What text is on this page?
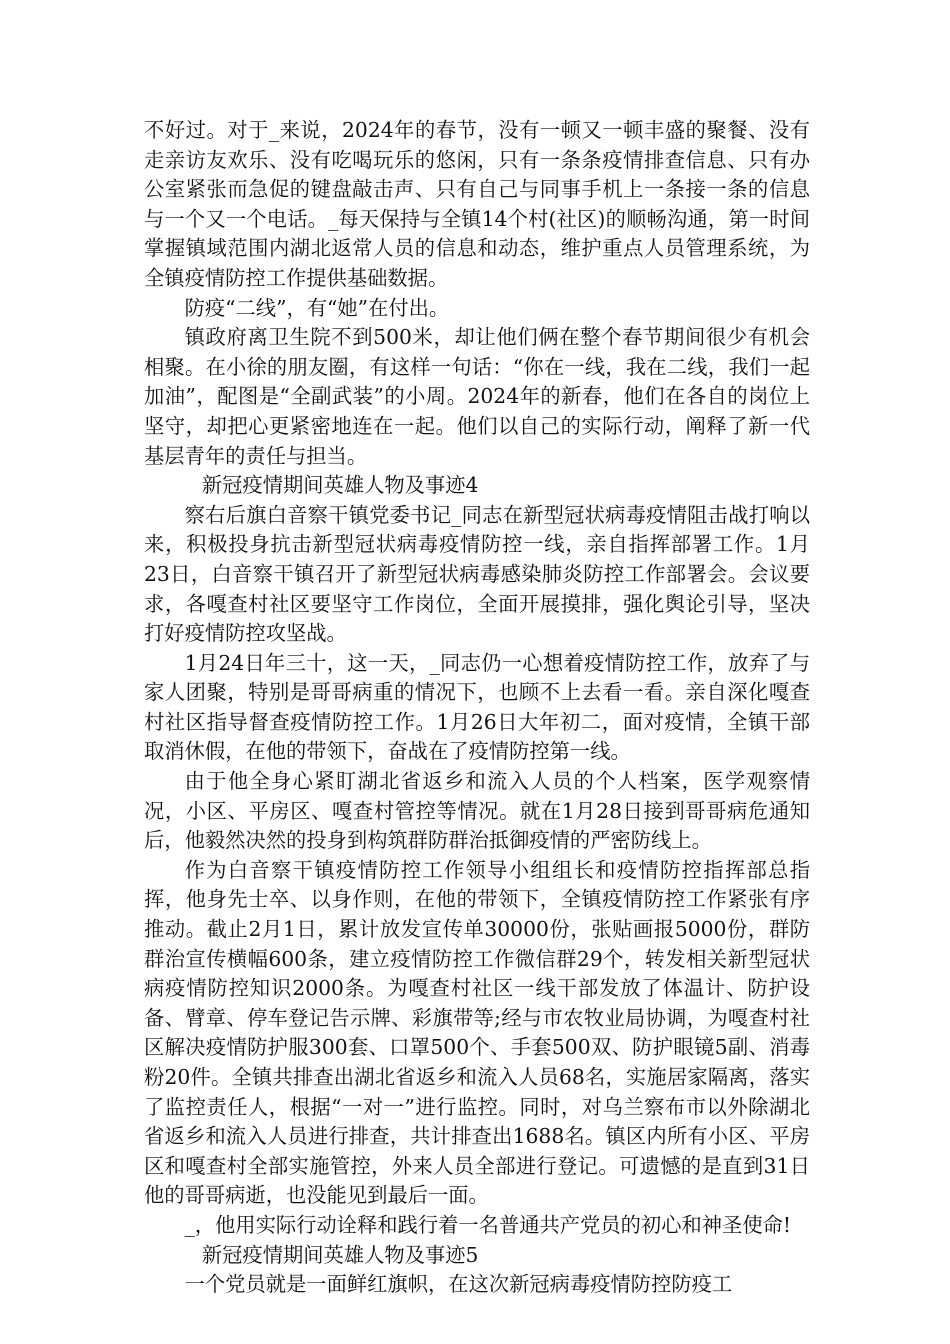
不好过。对于_来说，2024年的春节，没有一顿又一顿丰盛的聚餐、没有走亲访友欢乐、没有吃喝玩乐的悠闲，只有一条条疫情排查信息、只有办公室紧张而急促的键盘敲击声、只有自己与同事手机上一条接一条的信息与一个又一个电话。_每天保持与全镇14个村(社区)的顺畅沟通，第一时间掌握镇域范围内湖北返常人员的信息和动态，维护重点人员管理系统，为全镇疫情防控工作提供基础数据。

防疫“二线”，有“她”在付出。

镇政府离卫生院不到500米，却让他们俩在整个春节期间很少有机会相聚。在小徐的朋友圈，有这样一句话：“你在一线，我在二线，我们一起加油”，配图是“全副武装”的小周。2024年的新春，他们在各自的岗位上坚守，却把心更紧密地连在一起。他们以自己的实际行动，阐释了新一代基层青年的责任与担当。

新冠疫情期间英雄人物及事迹4

察右后旗白音察干镇党委书记_同志在新型冠状病毒疫情阻击战打响以来，积极投身抗击新型冠状病毒疫情防控一线，亲自指挥部署工作。1月23日，白音察干镇召开了新型冠状病毒感染肺炎防控工作部署会。会议要求，各嘎查村社区要坚守工作岗位，全面开展摸排，强化舆论引导，坚决打好疫情防控攻坚战。

1月24日年三十，这一天，_同志仍一心想着疫情防控工作，放弃了与家人团聚，特别是哥哥病重的情况下，也顾不上去看一看。亲自深化嘎查村社区指导督查疫情防控工作。1月26日大年初二，面对疫情，全镇干部取消休假，在他的带领下，奋战在了疫情防控第一线。

由于他全身心紧盯湖北省返乡和流入人员的个人档案，医学观察情况，小区、平房区、嘎查村管控等情况。就在1月28日接到哥哥病危通知后，他毅然决然的投身到构筑群防群治抵御疫情的严密防线上。

作为白音察干镇疫情防控工作领导小组组长和疫情防控指挥部总指挥，他身先士卒、以身作则，在他的带领下，全镇疫情防控工作紧张有序推动。截止2月1日，累计放发宣传单30000份，张贴画报5000份，群防群治宣传横幅600条，建立疫情防控工作微信群29个，转发相关新型冠状病疫情防控知识2000条。为嘎查村社区一线干部发放了体温计、防护设备、臂章、停车登记告示牌、彩旗带等;经与市农牧业局协调，为嘎查村社区解决疫情防护服300套、口罩500个、手套500双、防护眼镜5副、消毒粉20件。全镇共排查出湖北省返乡和流入人员68名，实施居家隔离，落实了监控责任人，根据“一对一”进行监控。同时，对乌兰察布市以外除湖北省返乡和流入人员进行排查，共计排查出1688名。镇区内所有小区、平房区和嘎查村全部实施管控，外来人员全部进行登记。可遗憾的是直到31日他的哥哥病逝，也没能见到最后一面。

_，他用实际行动诠释和践行着一名普通共产党员的初心和神圣使命!

新冠疫情期间英雄人物及事迹5

一个党员就是一面鲜红旗帜，在这次新冠病毒疫情防控防疫工
